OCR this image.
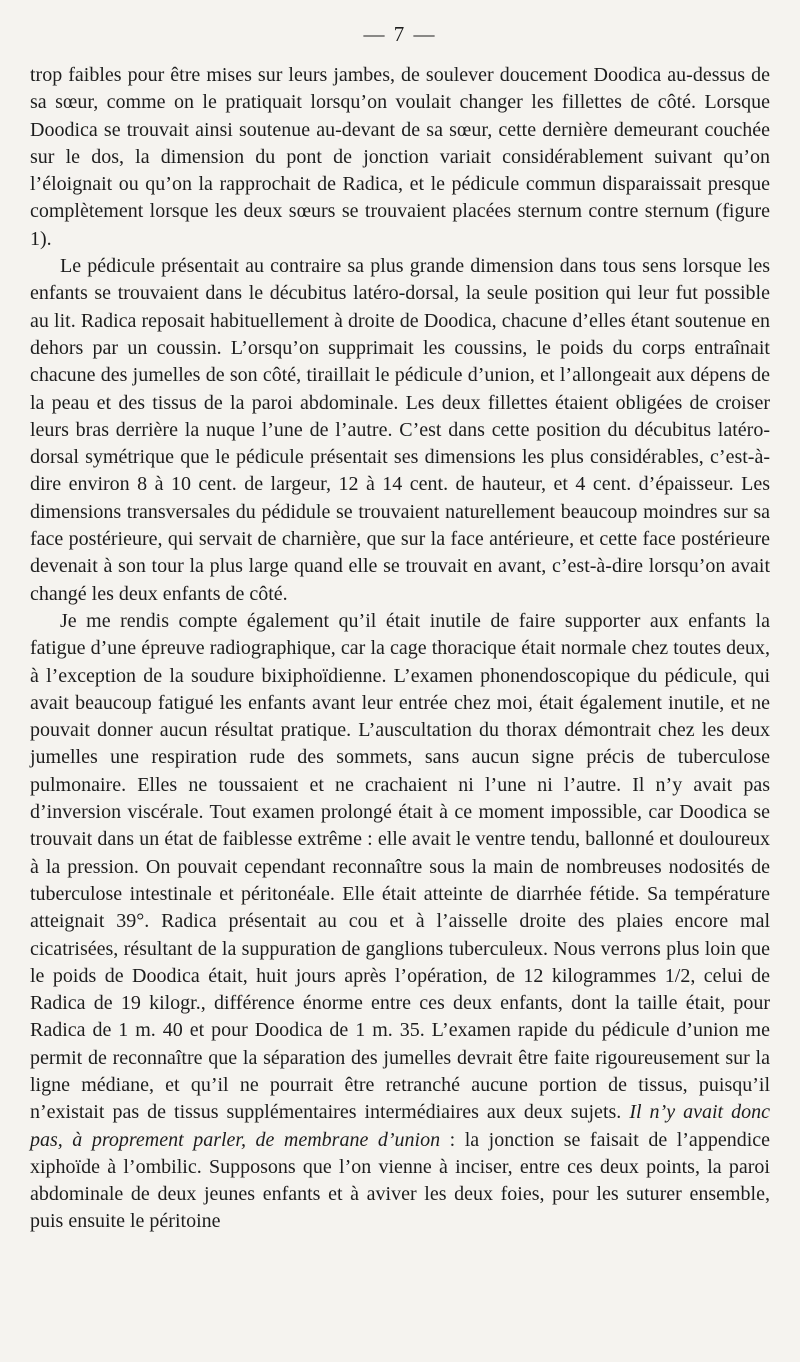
— 7 —

trop faibles pour être mises sur leurs jambes, de soulever doucement Doodica au-dessus de sa sœur, comme on le pratiquait lorsqu’on voulait changer les fillettes de côté. Lorsque Doodica se trouvait ainsi soutenue au-devant de sa sœur, cette dernière demeurant couchée sur le dos, la dimension du pont de jonction variait considérablement suivant qu’on l’éloignait ou qu’on la rapprochait de Radica, et le pédicule commun disparaissait presque complètement lorsque les deux sœurs se trouvaient placées sternum contre sternum (figure 1).

Le pédicule présentait au contraire sa plus grande dimension dans tous sens lorsque les enfants se trouvaient dans le décubitus latéro-dorsal, la seule position qui leur fut possible au lit. Radica reposait habituellement à droite de Doodica, chacune d’elles étant soutenue en dehors par un coussin. L’orsqu’on supprimait les coussins, le poids du corps entraînait chacune des jumelles de son côté, tiraillait le pédicule d’union, et l’allongeait aux dépens de la peau et des tissus de la paroi abdominale. Les deux fillettes étaient obligées de croiser leurs bras derrière la nuque l’une de l’autre. C’est dans cette position du décubitus latéro-dorsal symétrique que le pédicule présentait ses dimensions les plus considérables, c’est-à-dire environ 8 à 10 cent. de largeur, 12 à 14 cent. de hauteur, et 4 cent. d’épaisseur. Les dimensions transversales du pédidule se trouvaient naturellement beaucoup moindres sur sa face postérieure, qui servait de charnière, que sur la face antérieure, et cette face postérieure devenait à son tour la plus large quand elle se trouvait en avant, c’est-à-dire lorsqu’on avait changé les deux enfants de côté.

Je me rendis compte également qu’il était inutile de faire supporter aux enfants la fatigue d’une épreuve radiographique, car la cage thoracique était normale chez toutes deux, à l’exception de la soudure bixiphoïdienne. L’examen phonendoscopique du pédicule, qui avait beaucoup fatigué les enfants avant leur entrée chez moi, était également inutile, et ne pouvait donner aucun résultat pratique. L’auscultation du thorax démontrait chez les deux jumelles une respiration rude des sommets, sans aucun signe précis de tuberculose pulmonaire. Elles ne toussaient et ne crachaient ni l’une ni l’autre. Il n’y avait pas d’inversion viscérale. Tout examen prolongé était à ce moment impossible, car Doodica se trouvait dans un état de faiblesse extrême : elle avait le ventre tendu, ballonné et douloureux à la pression. On pouvait cependant reconnaître sous la main de nombreuses nodosités de tuberculose intestinale et péritonéale. Elle était atteinte de diarrhée fétide. Sa température atteignait 39°. Radica présentait au cou et à l’aisselle droite des plaies encore mal cicatrisées, résultant de la suppuration de ganglions tuberculeux. Nous verrons plus loin que le poids de Doodica était, huit jours après l’opération, de 12 kilogrammes 1/2, celui de Radica de 19 kilogr., différence énorme entre ces deux enfants, dont la taille était, pour Radica de 1 m. 40 et pour Doodica de 1 m. 35. L’examen rapide du pédicule d’union me permit de reconnaître que la séparation des jumelles devrait être faite rigoureusement sur la ligne médiane, et qu’il ne pourrait être retranché aucune portion de tissus, puisqu’il n’existait pas de tissus supplémentaires intermédiaires aux deux sujets. Il n’y avait donc pas, à proprement parler, de membrane d’union : la jonction se faisait de l’appendice xiphoïde à l’ombilic. Supposons que l’on vienne à inciser, entre ces deux points, la paroi abdominale de deux jeunes enfants et à aviver les deux foies, pour les suturer ensemble, puis ensuite le péritoine
